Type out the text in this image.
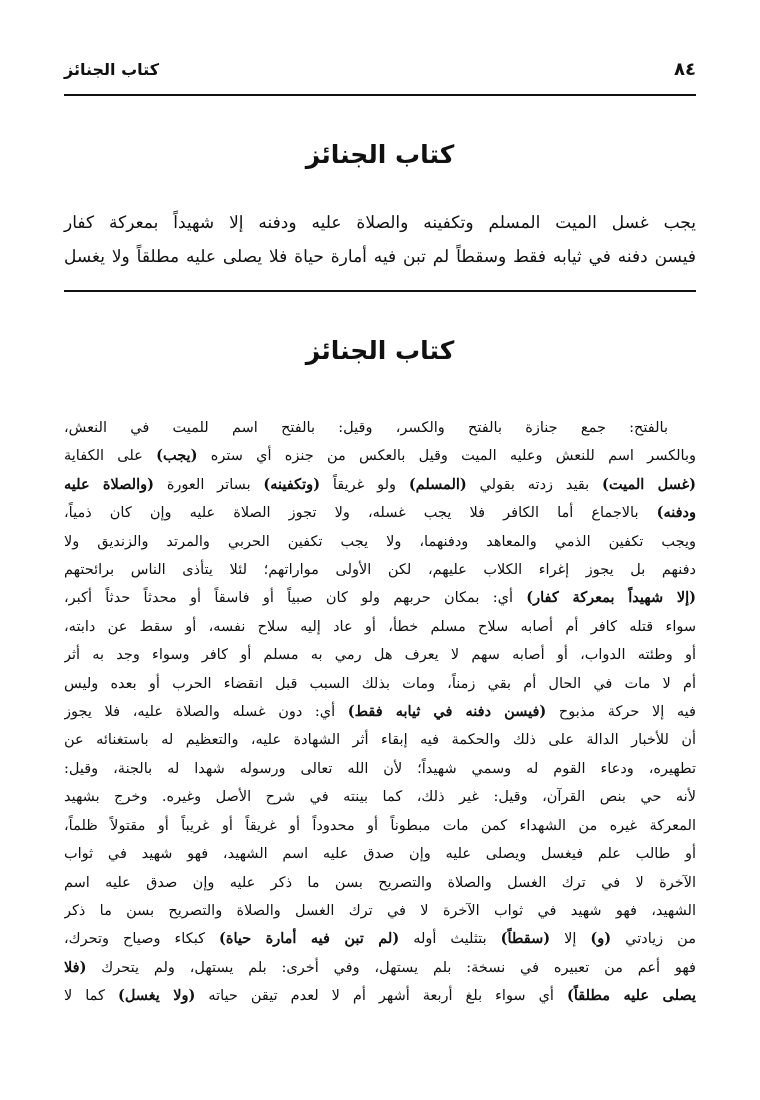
٨٤
كتاب الجنائز
كتاب الجنائز
يجب غسل الميت المسلم وتكفينه والصلاة عليه ودفنه إلا شهيداً بمعركة كفار
فيسن دفنه في ثيابه فقط وسقطاً لم تبن فيه أمارة حياة فلا يصلى عليه مطلقاً ولا يغسل
كتاب الجنائز
بالفتح: جمع جنازة بالفتح والكسر، وقيل: بالفتح اسم للميت في النعش،
وبالكسر اسم للنعش وعليه الميت وقيل بالعكس من جنزه أي ستره (يجب) على الكفاية
(غسل الميت) بقيد زدته بقولي (المسلم) ولو غريقاً (وتكفينه) بساتر العورة (والصلاة عليه
ودفنه) بالاجماع أما الكافر فلا يجب غسله، ولا تجوز الصلاة عليه وإن كان ذمياً،
ويجب تكفين الذمي والمعاهد ودفنهما، ولا يجب تكفين الحربي والمرتد والزنديق ولا
دفنهم بل يجوز إغراء الكلاب عليهم، لكن الأولى مواراتهم؛ لئلا يتأذى الناس برائحتهم
(إلا شهيداً بمعركة كفار) أي: بمكان حربهم ولو كان صبياً أو فاسقاً أو محدثاً حدثاً أكبر،
سواء قتله كافر أم أصابه سلاح مسلم خطأ، أو عاد إليه سلاح نفسه، أو سقط عن دابته،
أو وطئته الدواب، أو أصابه سهم لا يعرف هل رمي به مسلم أو كافر وسواء وجد به أثر
أم لا مات في الحال أم بقي زمناً، ومات بذلك السبب قبل انقضاء الحرب أو بعده وليس
فيه إلا حركة مذبوح (فيسن دفنه في ثيابه فقط) أي: دون غسله والصلاة عليه، فلا يجوز
أن للأخبار الدالة على ذلك والحكمة فيه إبقاء أثر الشهادة عليه، والتعظيم له باستغنائه عن
تطهيره، ودعاء القوم له وسمي شهيداً؛ لأن الله تعالى ورسوله شهدا له بالجنة، وقيل:
لأنه حي بنص القرآن، وقيل: غير ذلك، كما بينته في شرح الأصل وغيره. وخرج بشهيد
المعركة غيره من الشهداء كمن مات مبطوناً أو محدوداً أو غريقاً أو غريباً أو مقتولاً ظلماً،
أو طالب علم فيغسل ويصلى عليه وإن صدق عليه اسم الشهيد، فهو شهيد في ثواب
الآخرة لا في ترك الغسل والصلاة والتصريح بسن ما ذكر عليه وإن صدق عليه اسم
الشهيد، فهو شهيد في ثواب الآخرة لا في ترك الغسل والصلاة والتصريح بسن ما ذكر
من زيادتي (و) إلا (سقطاً) بتثليث أوله (لم تبن فيه أمارة حياة) كبكاء وصياح وتحرك،
فهو أعم من تعبيره في نسخة: بلم يستهل، وفي أخرى: بلم يستهل، ولم يتحرك (فلا
يصلى عليه مطلقاً) أي سواء بلغ أربعة أشهر أم لا لعدم تيقن حياته (ولا يغسل) كما لا
